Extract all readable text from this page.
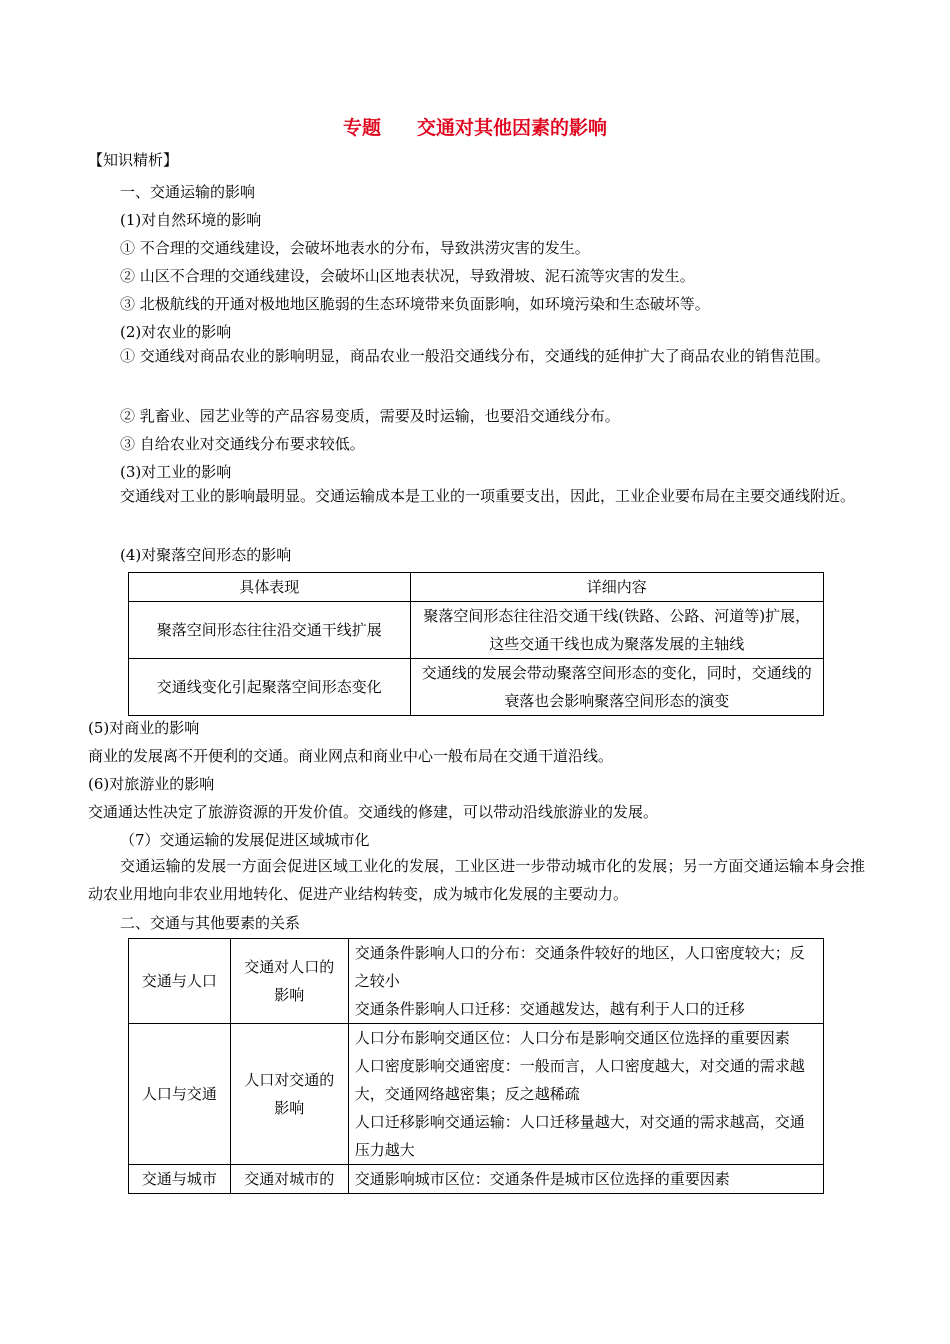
专题 交通对其他因素的影响
【知识精析】
一、交通运输的影响
(1)对自然环境的影响
① 不合理的交通线建设，会破坏地表水的分布，导致洪涝灾害的发生。
② 山区不合理的交通线建设，会破坏山区地表状况，导致滑坡、泥石流等灾害的发生。
③ 北极航线的开通对极地地区脆弱的生态环境带来负面影响，如环境污染和生态破坏等。
(2)对农业的影响
① 交通线对商品农业的影响明显，商品农业一般沿交通线分布，交通线的延伸扩大了商品农业的销售范围。
② 乳畜业、园艺业等的产品容易变质，需要及时运输，也要沿交通线分布。
③ 自给农业对交通线分布要求较低。
(3)对工业的影响
交通线对工业的影响最明显。交通运输成本是工业的一项重要支出，因此，工业企业要布局在主要交通线附近。
(4)对聚落空间形态的影响
具体表现	详细内容
聚落空间形态往往沿交通干线扩展	聚落空间形态往往沿交通干线(铁路、公路、河道等)扩展，这些交通干线也成为聚落发展的主轴线
交通线变化引起聚落空间形态变化	交通线的发展会带动聚落空间形态的变化，同时，交通线的衰落也会影响聚落空间形态的演变
(5)对商业的影响
商业的发展离不开便利的交通。商业网点和商业中心一般布局在交通干道沿线。
(6)对旅游业的影响
交通通达性决定了旅游资源的开发价值。交通线的修建，可以带动沿线旅游业的发展。
（7）交通运输的发展促进区域城市化
交通运输的发展一方面会促进区域工业化的发展，工业区进一步带动城市化的发展；另一方面交通运输本身会推动农业用地向非农业用地转化、促进产业结构转变，成为城市化发展的主要动力。
二、交通与其他要素的关系
交通与人口	交通对人口的影响	交通条件影响人口的分布：交通条件较好的地区，人口密度较大；反之较小
交通条件影响人口迁移：交通越发达，越有利于人口的迁移

人口与交通	人口对交通的影响	人口分布影响交通区位：人口分布是影响交通区位选择的重要因素
人口密度影响交通密度：一般而言，人口密度越大，对交通的需求越大，交通网络越密集；反之越稀疏
人口迁移影响交通运输：人口迁移量越大，对交通的需求越高，交通压力越大

交通与城市	交通对城市的	交通影响城市区位：交通条件是城市区位选择的重要因素
